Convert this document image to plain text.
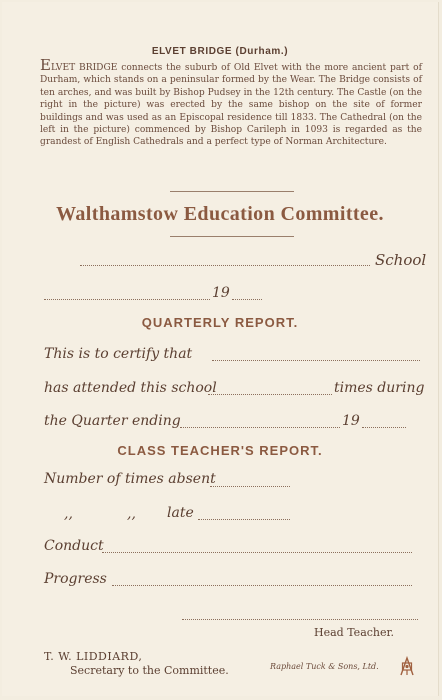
ELVET BRIDGE (Durham.)
ELVET BRIDGE connects the suburb of Old Elvet with the more ancient part of Durham, which stands on a peninsular formed by the Wear. The Bridge consists of ten arches, and was built by Bishop Pudsey in the 12th century. The Castle (on the right in the picture) was erected by the same bishop on the site of former buildings and was used as an Episcopal residence till 1833. The Cathedral (on the left in the picture) commenced by Bishop Carileph in 1093 is regarded as the grandest of English Cathedrals and a perfect type of Norman Architecture.
Walthamstow Education Committee.
School
19
QUARTERLY REPORT.
This is to certify that
has attended this school	times during
the Quarter ending	19
CLASS TEACHER'S REPORT.
Number of times absent
,,	,, late
Conduct
Progress
Head Teacher.
T. W. LIDDIARD,
Secretary to the Committee.	Raphael Tuck & Sons, Ltd.
